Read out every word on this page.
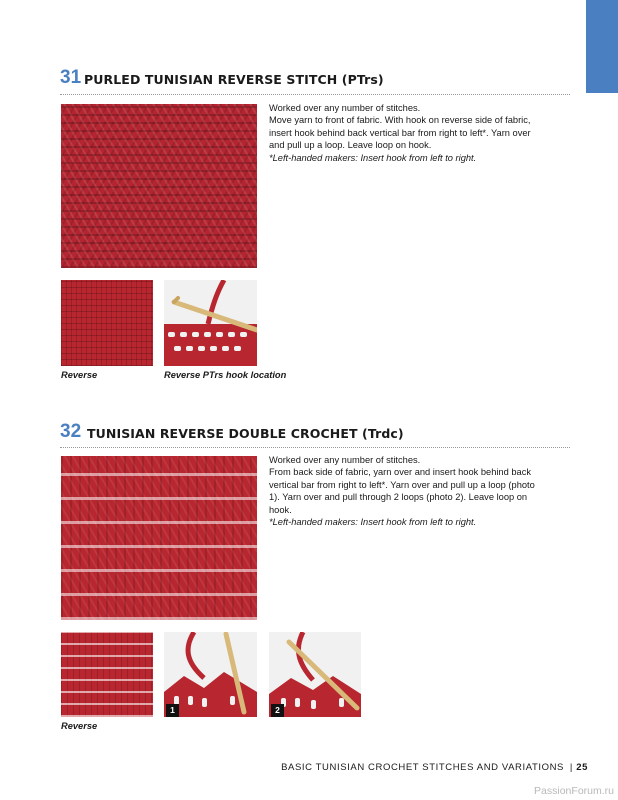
31 PURLED TUNISIAN REVERSE STITCH (PTrs)

Worked over any number of stitches.

Move yarn to front of fabric. With hook on reverse side of fabric, insert hook behind back vertical bar from right to left*. Yarn over and pull up a loop. Leave loop on hook.

*Left-handed makers: Insert hook from left to right.

Reverse	Reverse PTrs hook location
32 TUNISIAN REVERSE DOUBLE CROCHET (Trdc)

Worked over any number of stitches.

From back side of fabric, yarn over and insert hook behind back vertical bar from right to left*. Yarn over and pull up a loop (photo 1). Yarn over and pull through 2 loops (photo 2). Leave loop on hook.

*Left-handed makers: Insert hook from left to right.

1	2
Reverse
BASIC TUNISIAN CROCHET STITCHES AND VARIATIONS | 25
PassionForum.ru
